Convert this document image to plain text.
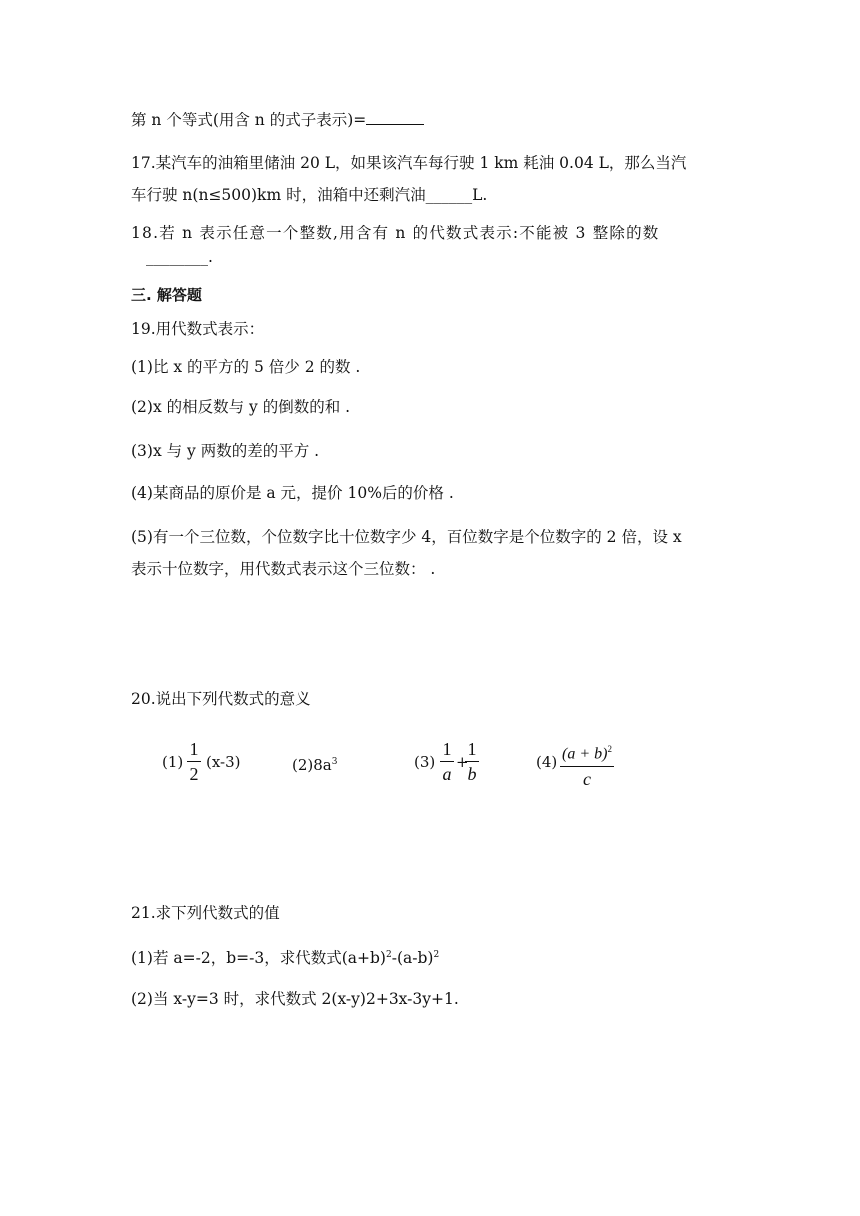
第 n 个等式(用含 n 的式子表示)=
17.某汽车的油箱里储油 20 L，如果该汽车每行驶 1 km 耗油 0.04 L，那么当汽
车行驶 n(n≤500)km 时，油箱中还剩汽油______L.
18.若 n 表示任意一个整数,用含有 n 的代数式表示:不能被 3 整除的数
________.
三. 解答题
19.用代数式表示：
(1)比 x 的平方的 5 倍少 2 的数 .
(2)x 的相反数与 y 的倒数的和 .
(3)x 与 y 两数的差的平方 .
(4)某商品的原价是 a 元，提价 10%后的价格 .
(5)有一个三位数，个位数字比十位数字少 4，百位数字是个位数字的 2 倍，设 x
表示十位数字，用代数式表示这个三位数： .
20.说出下列代数式的意义
(1)
1
2
(x-3)	$(2)8a^3$	(3)
1
a
+
1
b
(4) $(a + b)^2$
c
21.求下列代数式的值
(1)若 a=-2，b=-3，求代数式$(a+b)^2-(a-b)^2$
(2)当 x-y=3 时，求代数式 2(x-y)2+3x-3y+1.
